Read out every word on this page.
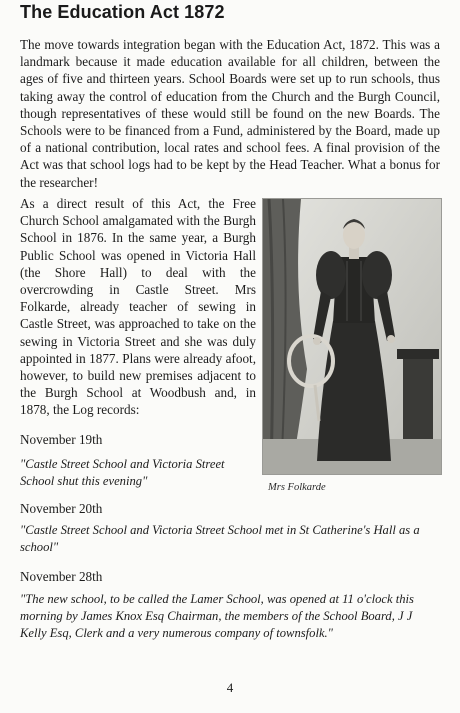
The Education Act 1872

The move towards integration began with the Education Act, 1872. This was a landmark because it made education available for all children, between the ages of five and thirteen years. School Boards were set up to run schools, thus taking away the control of education from the Church and the Burgh Council, though representatives of these would still be found on the new Boards. The Schools were to be financed from a Fund, administered by the Board, made up of a national contribution, local rates and school fees. A final provision of the Act was that school logs had to be kept by the Head Teacher. What a bonus for the researcher!

As a direct result of this Act, the Free Church School amalgamated with the Burgh School in 1876. In the same year, a Burgh Public School was opened in Victoria Hall (the Shore Hall) to deal with the overcrowding in Castle Street. Mrs Folkarde, already teacher of sewing in Castle Street, was approached to take on the sewing in Victoria Street and she was duly appointed in 1877. Plans were already afoot, however, to build new premises adjacent to the Burgh School at Woodbush and, in 1878, the Log records:

Mrs Folkarde

November 19th

"Castle Street School and Victoria Street School shut this evening"

November 20th

"Castle Street School and Victoria Street School met in St Catherine's Hall as a school"

November 28th

"The new school, to be called the Lamer School, was opened at 11 o'clock this morning by James Knox Esq Chairman, the members of the School Board, J J Kelly Esq, Clerk and a very numerous company of townsfolk."

4
